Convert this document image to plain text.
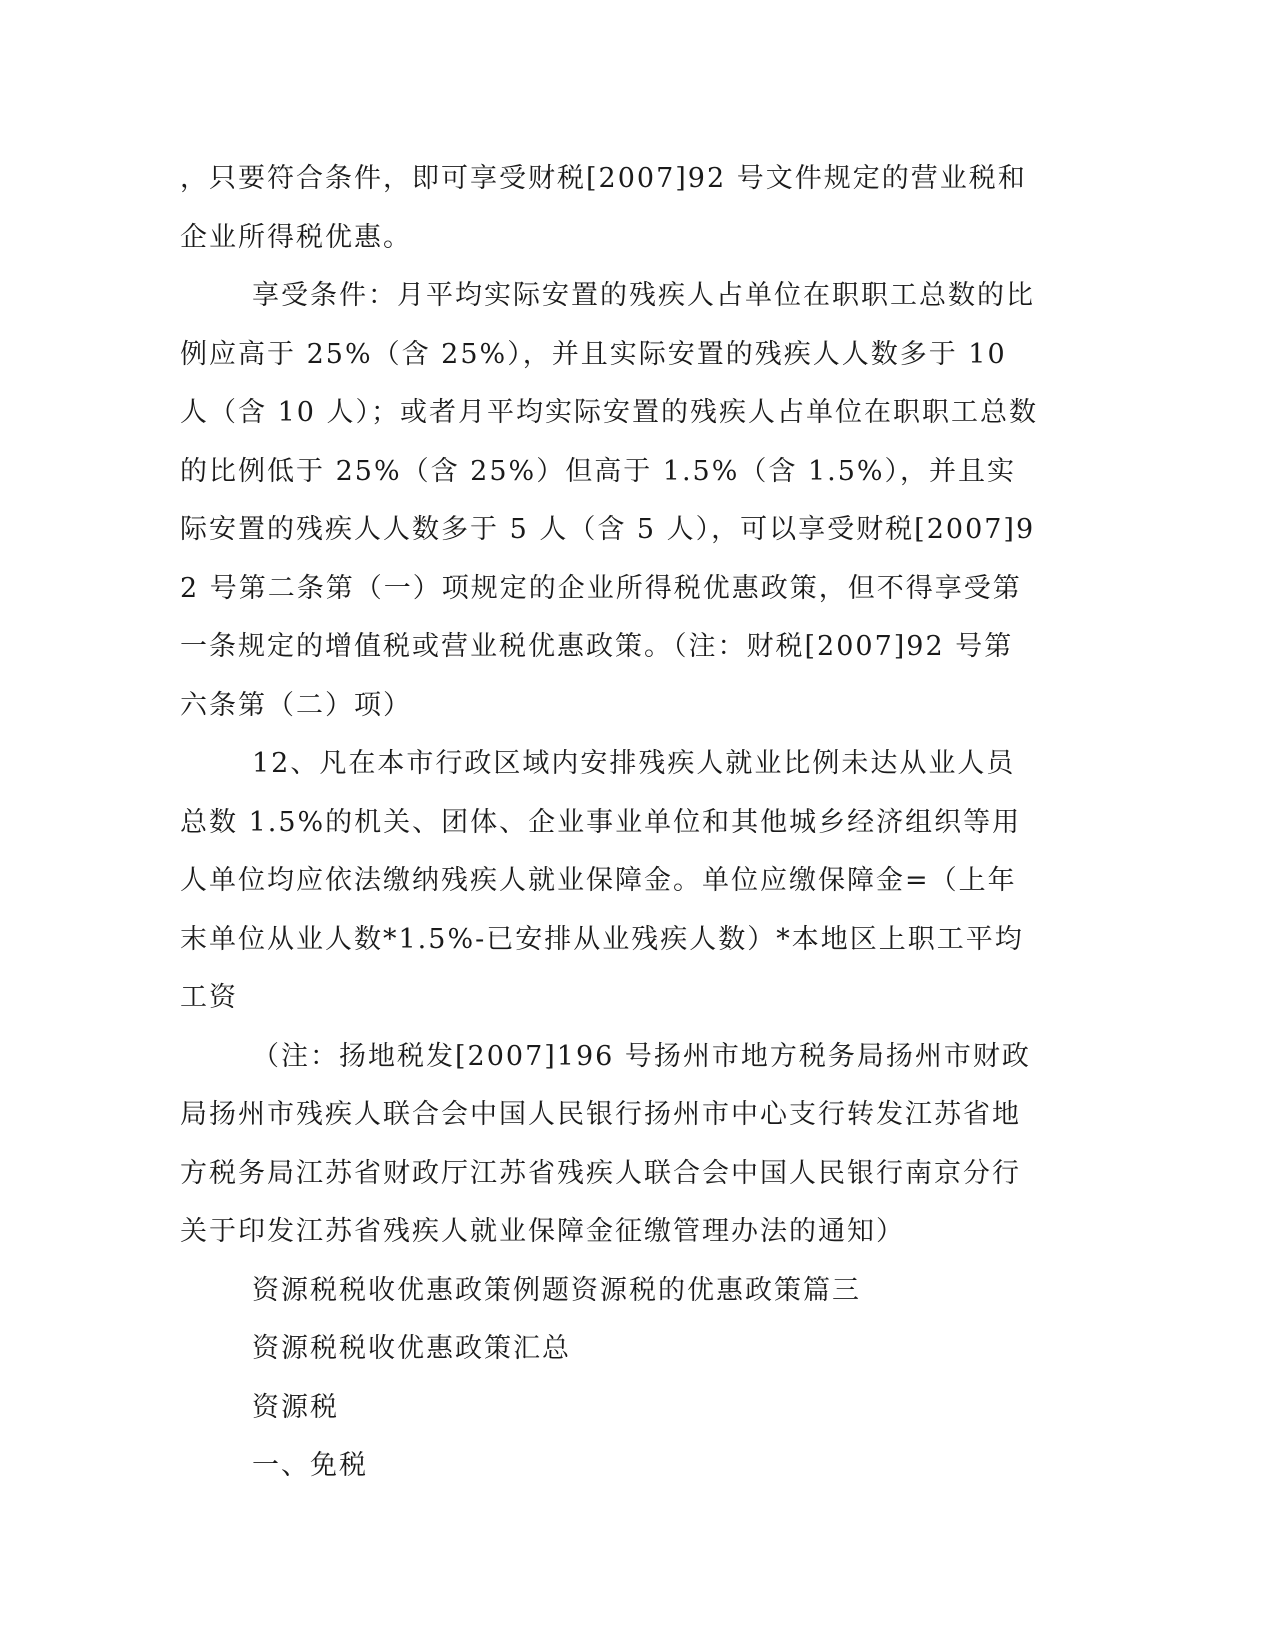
，只要符合条件，即可享受财税[2007]92 号文件规定的营业税和企业所得税优惠。

享受条件：月平均实际安置的残疾人占单位在职职工总数的比例应高于 25%（含 25%），并且实际安置的残疾人人数多于 10 人（含 10 人）；或者月平均实际安置的残疾人占单位在职职工总数的比例低于 25%（含 25%）但高于 1.5%（含 1.5%），并且实际安置的残疾人人数多于 5 人（含 5 人），可以享受财税[2007]92 号第二条第（一）项规定的企业所得税优惠政策，但不得享受第一条规定的增值税或营业税优惠政策。（注：财税[2007]92 号第六条第（二）项）

12、凡在本市行政区域内安排残疾人就业比例未达从业人员总数 1.5%的机关、团体、企业事业单位和其他城乡经济组织等用人单位均应依法缴纳残疾人就业保障金。单位应缴保障金=（上年末单位从业人数*1.5%-已安排从业残疾人数）*本地区上职工平均工资

（注：扬地税发[2007]196 号扬州市地方税务局扬州市财政局扬州市残疾人联合会中国人民银行扬州市中心支行转发江苏省地方税务局江苏省财政厅江苏省残疾人联合会中国人民银行南京分行关于印发江苏省残疾人就业保障金征缴管理办法的通知）

资源税税收优惠政策例题资源税的优惠政策篇三

资源税税收优惠政策汇总

资源税

一、免税
